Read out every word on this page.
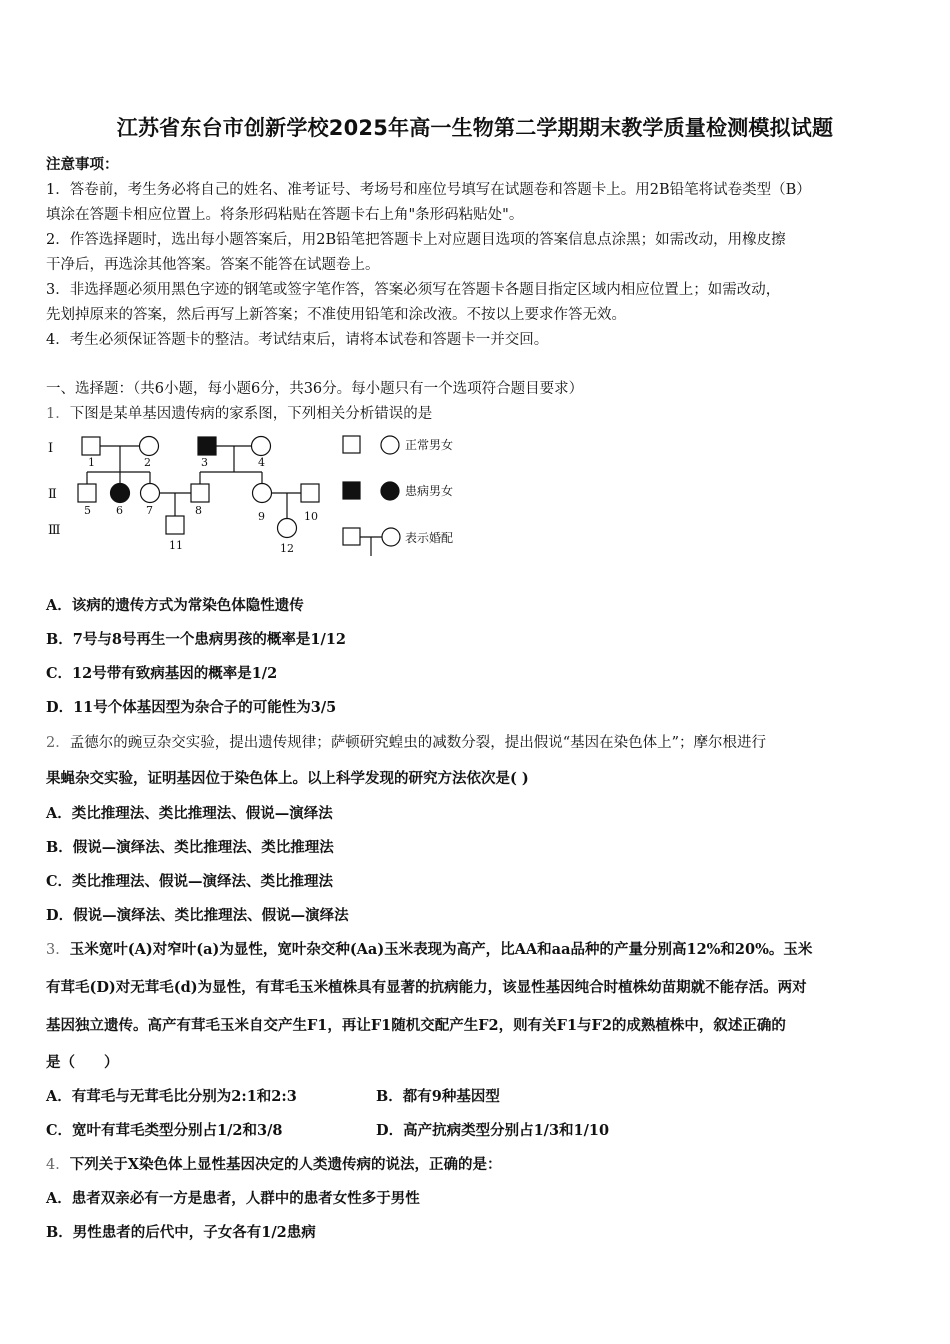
江苏省东台市创新学校2025年高一生物第二学期期末教学质量检测模拟试题
注意事项：
1．答卷前，考生务必将自己的姓名、准考证号、考场号和座位号填写在试题卷和答题卡上。用2B铅笔将试卷类型（B）
填涂在答题卡相应位置上。将条形码粘贴在答题卡右上角"条形码粘贴处"。
2．作答选择题时，选出每小题答案后，用2B铅笔把答题卡上对应题目选项的答案信息点涂黑；如需改动，用橡皮擦
干净后，再选涂其他答案。答案不能答在试题卷上。
3．非选择题必须用黑色字迹的钢笔或签字笔作答，答案必须写在答题卡各题目指定区域内相应位置上；如需改动，
先划掉原来的答案，然后再写上新答案；不准使用铅笔和涂改液。不按以上要求作答无效。
4．考生必须保证答题卡的整洁。考试结束后，请将本试卷和答题卡一并交回。
一、选择题：（共6小题，每小题6分，共36分。每小题只有一个选项符合题目要求）
1．下图是某单基因遗传病的家系图，下列相关分析错误的是
Ⅰ
Ⅱ
Ⅲ
1	2	3	4
5 6 7	8	9	10
11	12
正常男女
患病男女
表示婚配
A．该病的遗传方式为常染色体隐性遗传
B．7号与8号再生一个患病男孩的概率是1/12
C．12号带有致病基因的概率是1/2
D．11号个体基因型为杂合子的可能性为3/5
2．孟德尔的豌豆杂交实验，提出遗传规律；萨顿研究蝗虫的减数分裂，提出假说“基因在染色体上”；摩尔根进行
果蝇杂交实验，证明基因位于染色体上。以上科学发现的研究方法依次是( )
A．类比推理法、类比推理法、假说—演绎法
B．假说—演绎法、类比推理法、类比推理法
C．类比推理法、假说—演绎法、类比推理法
D．假说—演绎法、类比推理法、假说—演绎法
3．玉米宽叶(A)对窄叶(a)为显性，宽叶杂交种(Aa)玉米表现为高产，比AA和aa品种的产量分别高12%和20%。玉米
有茸毛(D)对无茸毛(d)为显性，有茸毛玉米植株具有显著的抗病能力，该显性基因纯合时植株幼苗期就不能存活。两对
基因独立遗传。高产有茸毛玉米自交产生F1，再让F1随机交配产生F2，则有关F1与F2的成熟植株中，叙述正确的
是（　　）
A．有茸毛与无茸毛比分别为2:1和2:3	B．都有9种基因型
C．宽叶有茸毛类型分别占1/2和3/8	D．高产抗病类型分别占1/3和1/10
4．下列关于X染色体上显性基因决定的人类遗传病的说法，正确的是：
A．患者双亲必有一方是患者，人群中的患者女性多于男性
B．男性患者的后代中，子女各有1/2患病
